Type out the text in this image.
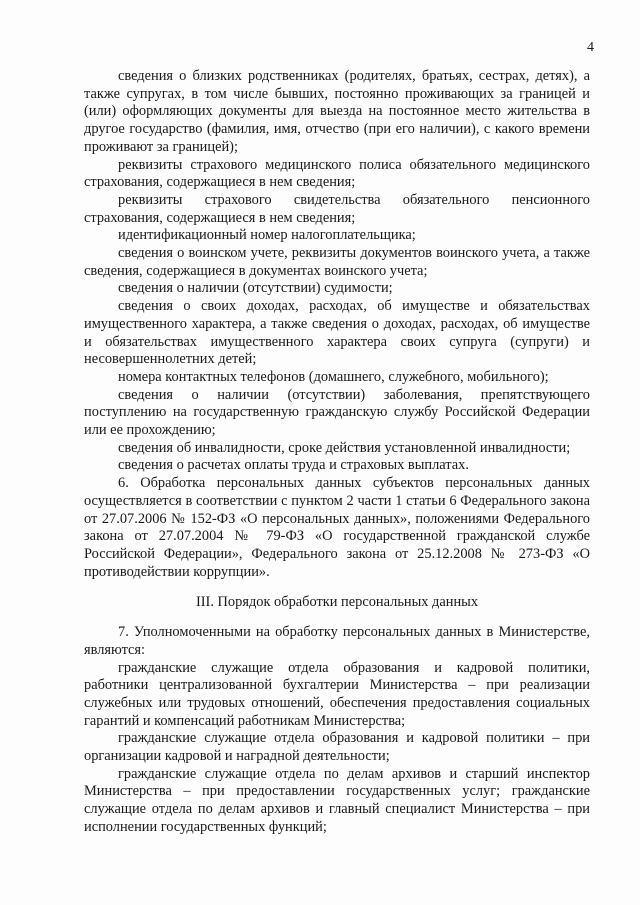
4

сведения о близких родственниках (родителях, братьях, сестрах, детях), а также супругах, в том числе бывших, постоянно проживающих за границей и (или) оформляющих документы для выезда на постоянное место жительства в другое государство (фамилия, имя, отчество (при его наличии), с какого времени проживают за границей);

реквизиты страхового медицинского полиса обязательного медицинского страхования, содержащиеся в нем сведения;

реквизиты страхового свидетельства обязательного пенсионного страхования, содержащиеся в нем сведения;

идентификационный номер налогоплательщика;

сведения о воинском учете, реквизиты документов воинского учета, а также сведения, содержащиеся в документах воинского учета;

сведения о наличии (отсутствии) судимости;

сведения о своих доходах, расходах, об имуществе и обязательствах имущественного характера, а также сведения о доходах, расходах, об имуществе и обязательствах имущественного характера своих супруга (супруги) и несовершеннолетних детей;

номера контактных телефонов (домашнего, служебного, мобильного);

сведения о наличии (отсутствии) заболевания, препятствующего поступлению на государственную гражданскую службу Российской Федерации или ее прохождению;

сведения об инвалидности, сроке действия установленной инвалидности;

сведения о расчетах оплаты труда и страховых выплатах.

6. Обработка персональных данных субъектов персональных данных осуществляется в соответствии с пунктом 2 части 1 статьи 6 Федерального закона от 27.07.2006 № 152-ФЗ «О персональных данных», положениями Федерального закона от 27.07.2004 № 79-ФЗ «О государственной гражданской службе Российской Федерации», Федерального закона от 25.12.2008 № 273-ФЗ «О противодействии коррупции».

III. Порядок обработки персональных данных

7. Уполномоченными на обработку персональных данных в Министерстве, являются:

гражданские служащие отдела образования и кадровой политики, работники централизованной бухгалтерии Министерства – при реализации служебных или трудовых отношений, обеспечения предоставления социальных гарантий и компенсаций работникам Министерства;

гражданские служащие отдела образования и кадровой политики – при организации кадровой и наградной деятельности;

гражданские служащие отдела по делам архивов и старший инспектор Министерства – при предоставлении государственных услуг; гражданские служащие отдела по делам архивов и главный специалист Министерства – при исполнении государственных функций;
